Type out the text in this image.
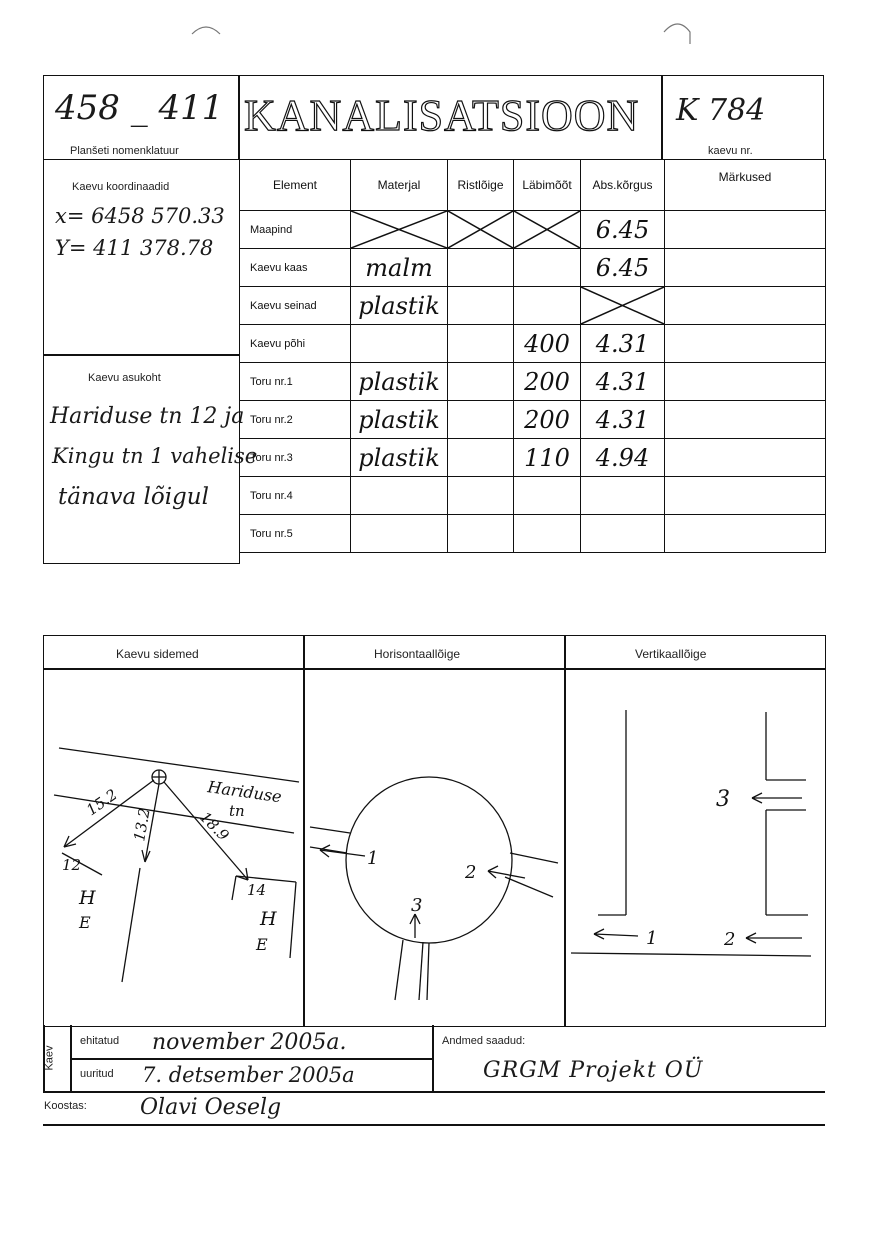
458 _ 411
Planšeti nomenklatuur
KANALISATSIOON K 784
kaevu nr.
Kaevu koordinaadid
x= 6458 570.33
Y= 411 378.78
Kaevu asukoht
Hariduse tn 12 ja
Kingu tn 1 vahelise
tänava lõigul
Element	Materjal	Ristlõige	Läbimõõt	Abs.kõrgus	Märkused
Maapind				6.45	

Kaevu kaas	malm			6.45	

Kaevu seinad	plastik

Kaevu põhi			400	4.31	

Toru nr.1	plastik		200	4.31	

Toru nr.2	plastik		200	4.31	

Toru nr.3	plastik		110	4.94	

Toru nr.4					
Toru nr.5					
Kaevu sidemed	Horisontaallõige	Vertikaallõige
Hariduse
tn
15.2
13.2	18.9
12
14
H
E	H
E
1
2
3
3
1	2
Kaev
ehitatud november 2005a.
uuritud 7. detsember 2005a
Andmed saadud:
GRGM Projekt OÜ
Koostas: Olavi Oeselg
